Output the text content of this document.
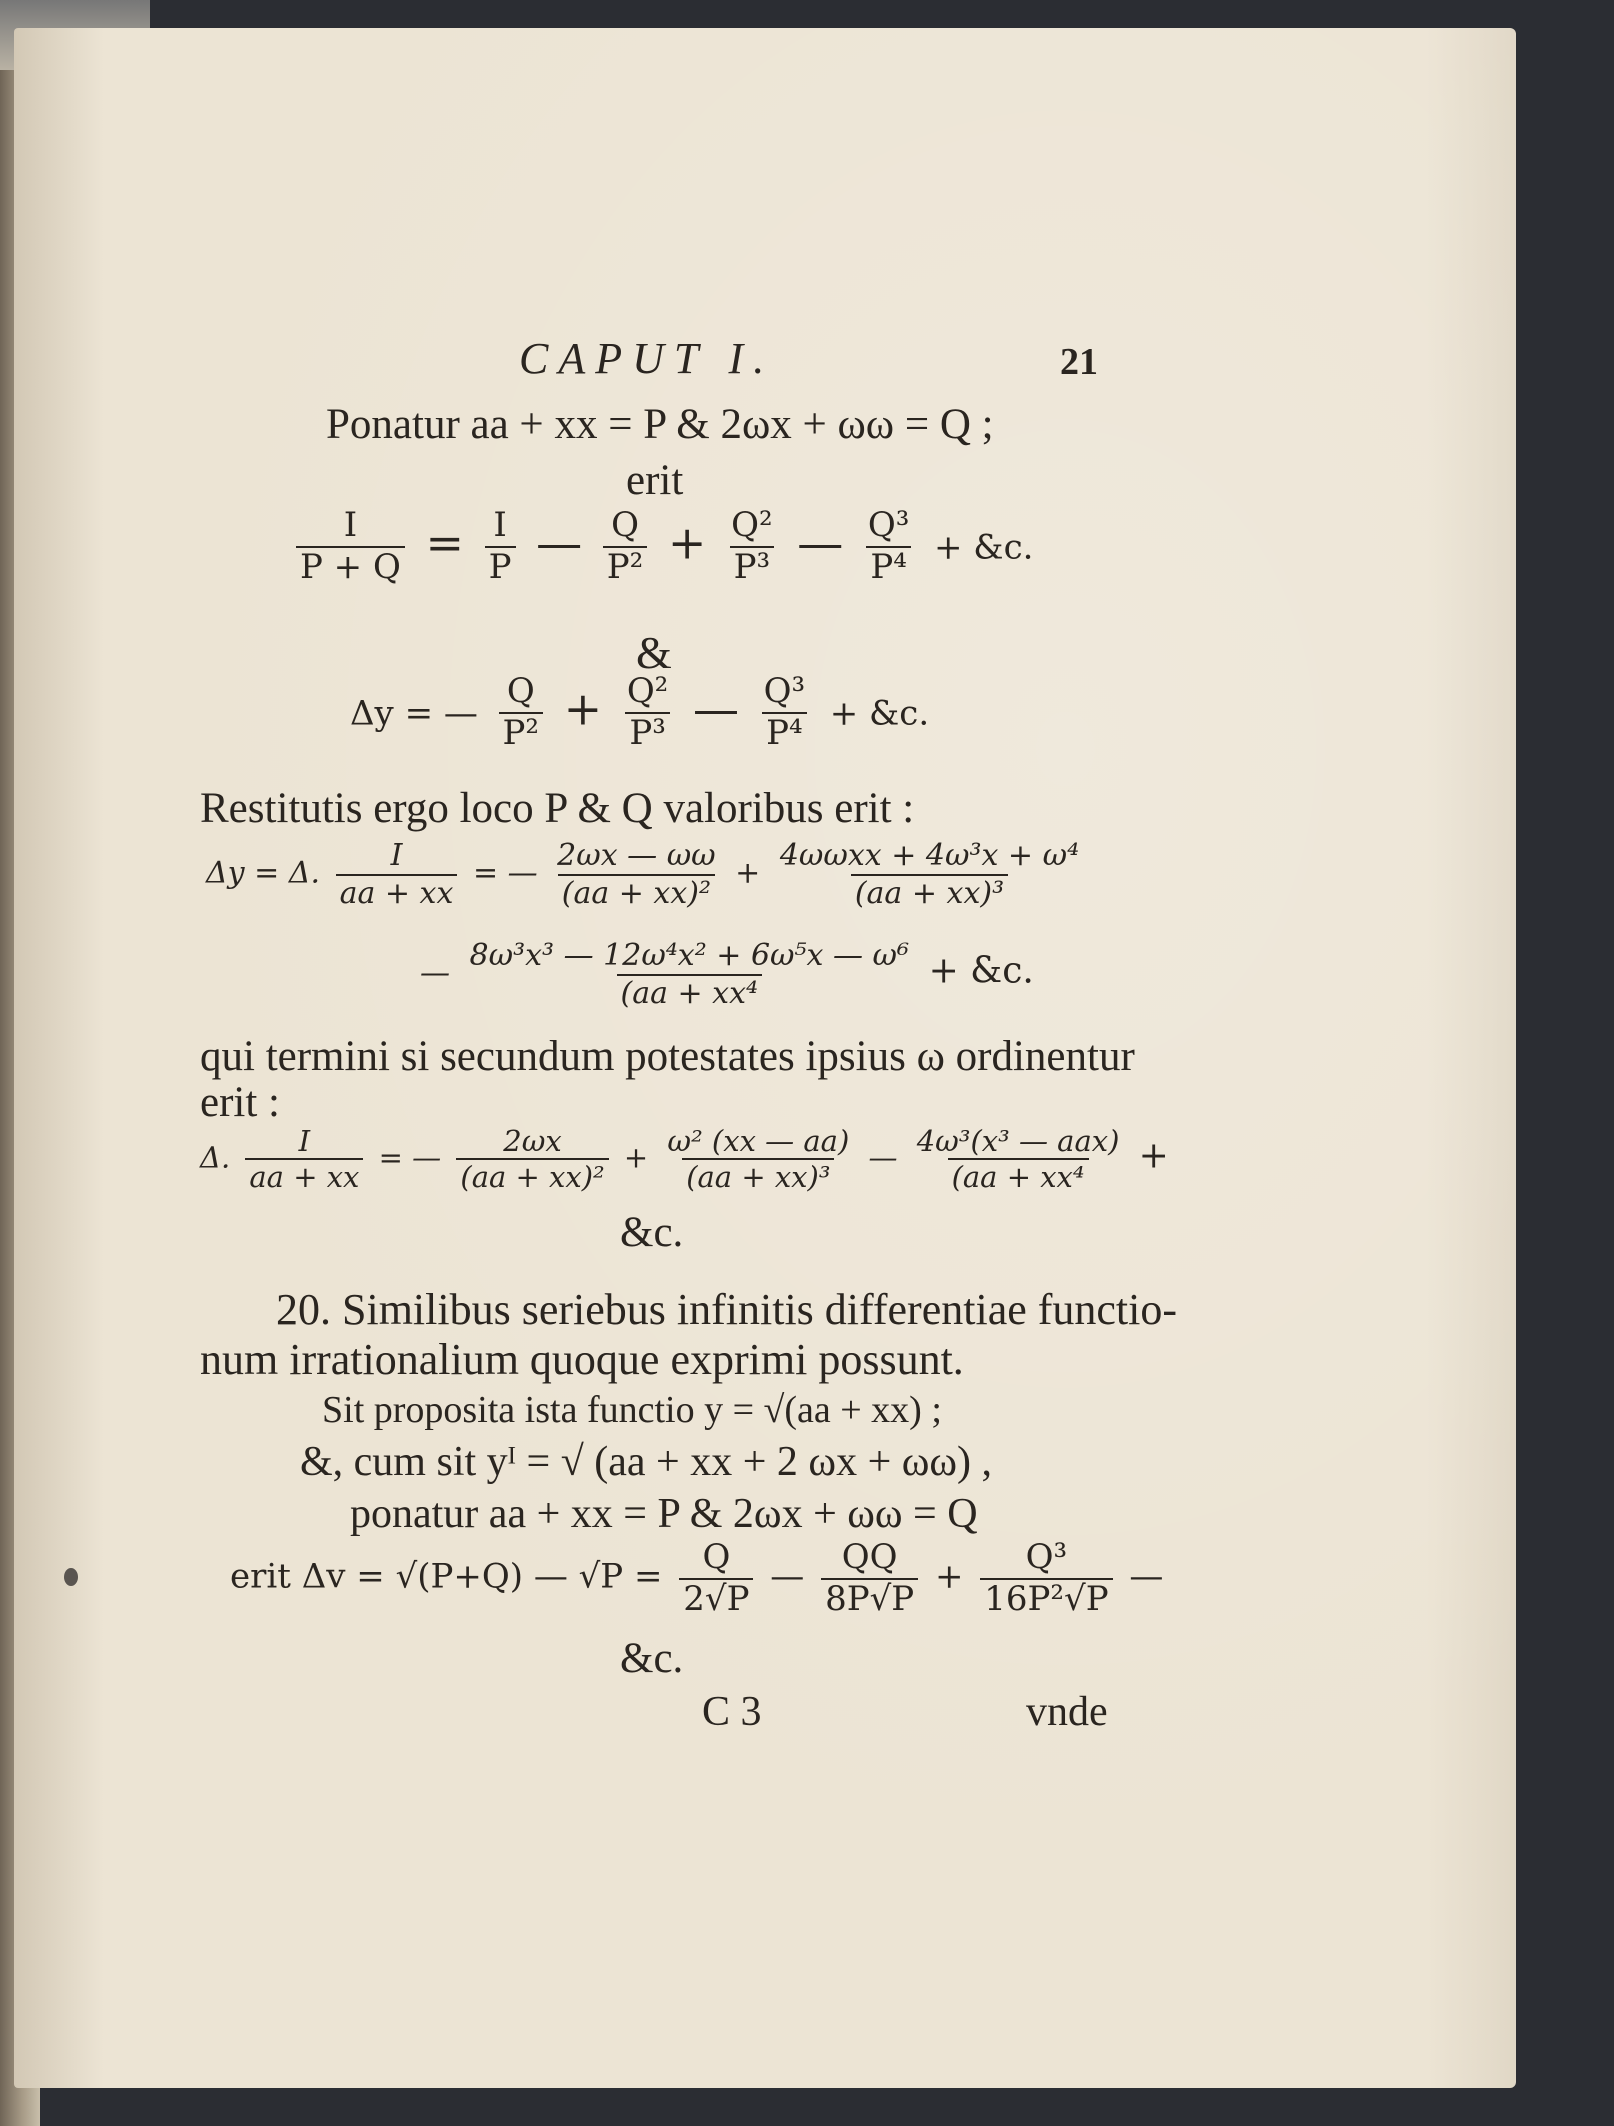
CAPUT I.	21
Ponatur aa + xx = P & 2ωx + ωω = Q ;
erit
$\frac{I}{P + Q} = \frac{I}{P}$ — $\frac{Q}{\text{P²}} + \frac{\text{Q²}}{\text{P³}}$ — $\frac{\text{Q³}}{\text{P⁴}}$ + &c.
&
Δy = — $\frac{Q}{\text{P²}} + \frac{\text{Q²}}{\text{P³}}$ — $\frac{\text{Q³}}{\text{P⁴}}$ + &c.
Restitutis ergo loco P & Q valoribus erit :
Δy = Δ. $\frac{I}{aa + xx}$ = — $\frac{2\omega x — \omega\omega}{\text{(aa + xx)²}} + \frac{\text{4ωωxx + 4ω³x + ω⁴}}{\text{(aa + xx)³}}$
— $\frac{\text{8ω³x³ — 12ω⁴x² + 6ω⁵x — ω⁶}}{\text{(aa + xx⁴}}$ + &c.
qui termini si secundum potestates ipsius ω ordinentur
erit :
Δ. $\frac{I}{aa + xx}$ = — $\frac{2\omega x}{\text{(aa + xx)²}} + \frac{\text{ω² (xx — aa)}}{\text{(aa + xx)³}}$ — $\frac{\text{4ω³(x³ — aax)}}{\text{(aa + xx⁴}}$ +
&c.
20. Similibus seriebus infinitis differentiae functio-
num irrationalium quoque exprimi possunt.
Sit proposita ista functio y = √(aa + xx) ;
&, cum sit yᴵ = √ (aa + xx + 2 ωx + ωω) ,
ponatur aa + xx = P & 2ωx + ωω = Q
erit Δv = √(P+Q) — $√P = \frac{Q}{2√P}$ — $\frac{QQ}{8P√P} + \frac{\text{Q³}}{\text{16P²√P}}$ —
&c.
C 3	vnde
